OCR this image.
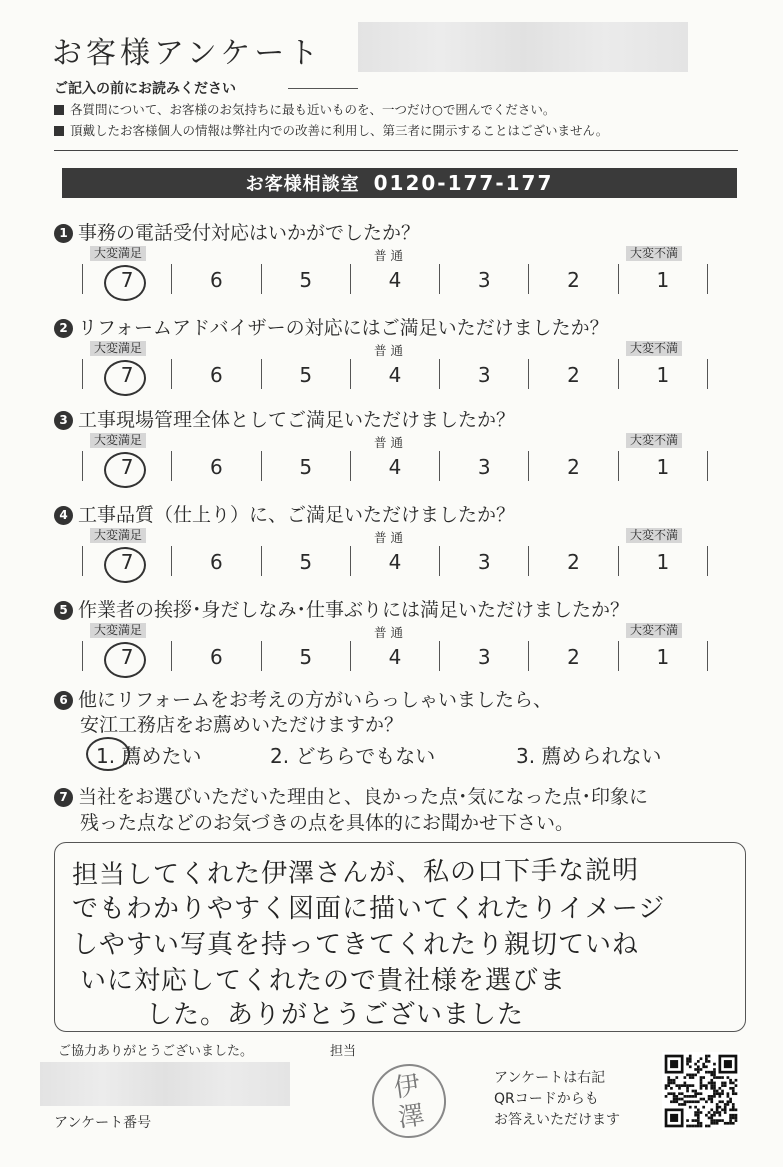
お客様アンケート
ご記入の前にお読みください
各質問について、お客様のお気持ちに最も近いものを、一つだけ○で囲んでください。
頂戴したお客様個人の情報は弊社内での改善に利用し、第三者に開示することはございません。
お客様相談室 0120-177-177
1 事務の電話受付対応はいかがでしたか？
大変満足	普 通	大変不満
7	6	5	4	3	2	1
2 リフォームアドバイザーの対応にはご満足いただけましたか？
大変満足	普 通	大変不満
7	6	5	4	3	2	1
3 工事現場管理全体としてご満足いただけましたか？
大変満足	普 通	大変不満
7	6	5	4	3	2	1
4 工事品質（仕上り）に、ご満足いただけましたか？
大変満足	普 通	大変不満
7	6	5	4	3	2	1
5 作業者の挨拶･身だしなみ･仕事ぶりには満足いただけましたか？
大変満足	普 通	大変不満
7	6	5	4	3	2	1
6 他にリフォームをお考えの方がいらっしゃいましたら、
安江工務店をお薦めいただけますか？
1. 薦めたい	2. どちらでもない	3. 薦められない
7 当社をお選びいただいた理由と、良かった点･気になった点･印象に
残った点などのお気づきの点を具体的にお聞かせ下さい。
担当してくれた伊澤さんが、私の口下手な説明
でもわかりやすく図面に描いてくれたりイメージ
しやすい写真を持ってきてくれたり親切ていね
いに対応してくれたので貴社様を選びま
した。ありがとうございました
ご協力ありがとうございました。	担当
伊
澤
アンケート番号
アンケートは右記
QRコードからも
お答えいただけます
